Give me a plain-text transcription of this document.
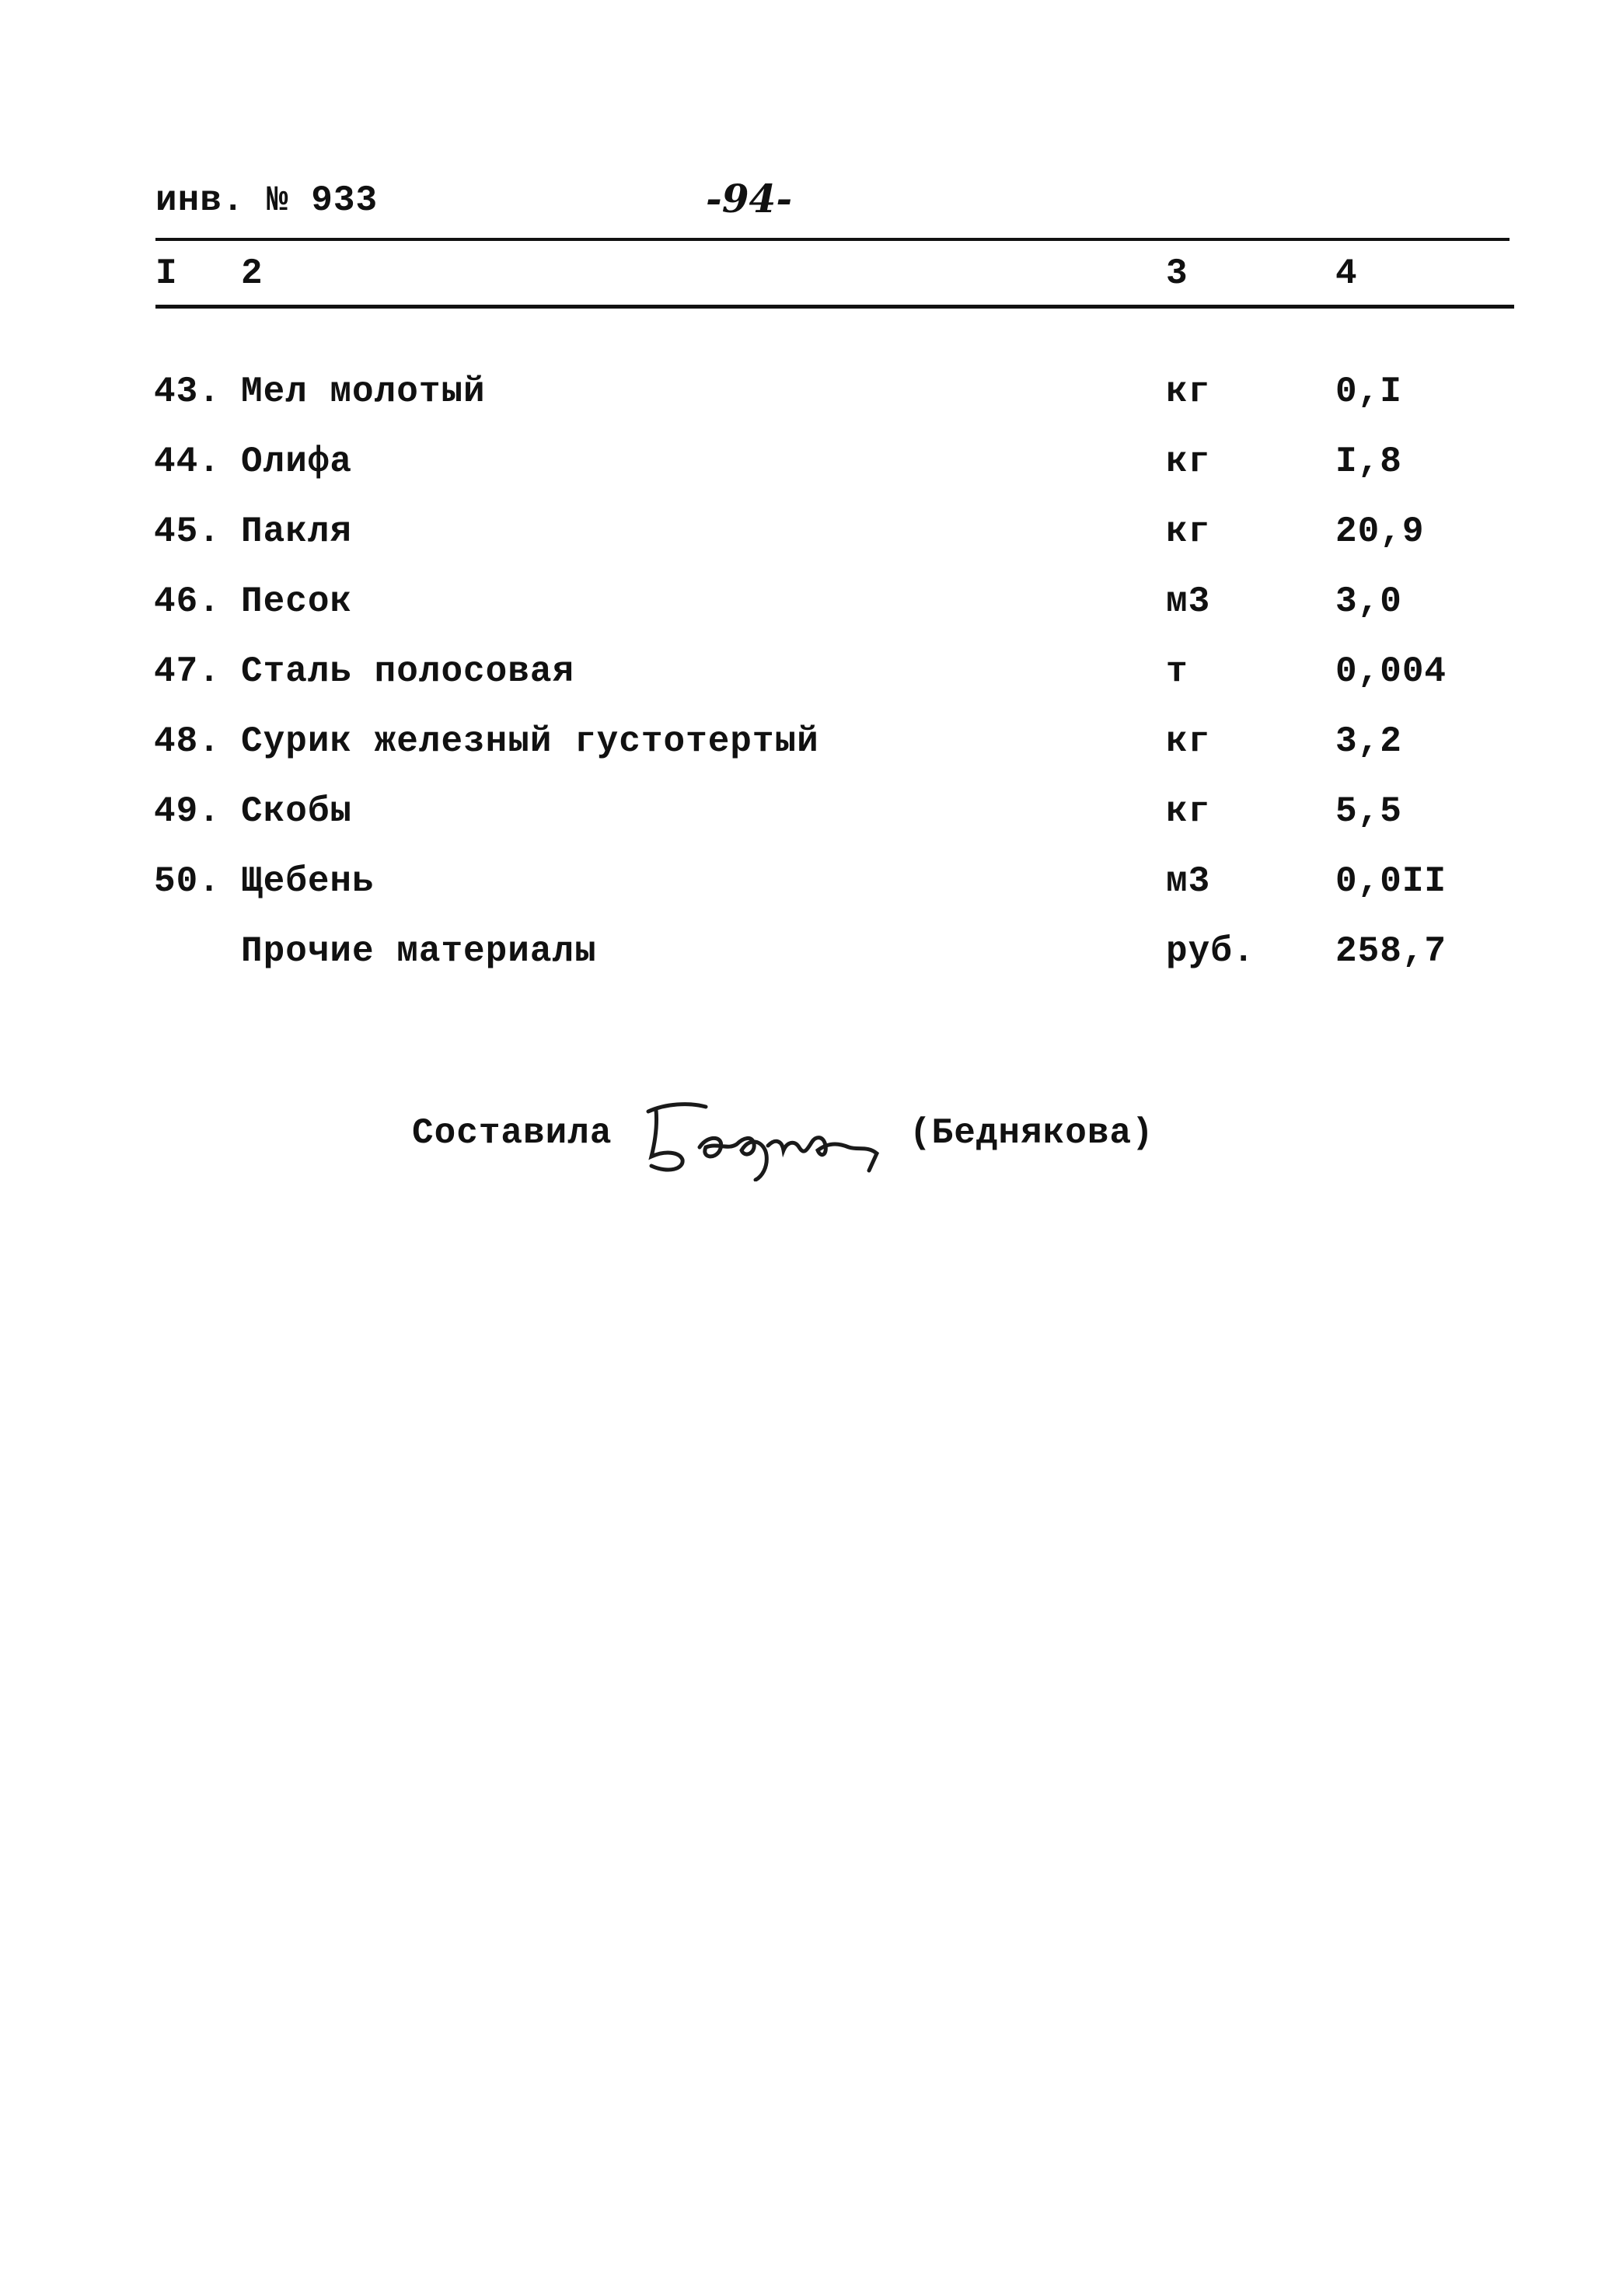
инв. № 933	-94-
I 2	3	4
43. Мел молотый	кг	0,I
44. Олифа	кг	I,8
45. Пакля	кг	20,9
46. Песок	м3	3,0
47. Сталь полосовая	т	0,004
48. Сурик железный густотертый	кг	3,2
49. Скобы	кг	5,5
50. Щебень	м3	0,0II
Прочие материалы	руб. 258,7
Составила	(Беднякова)
